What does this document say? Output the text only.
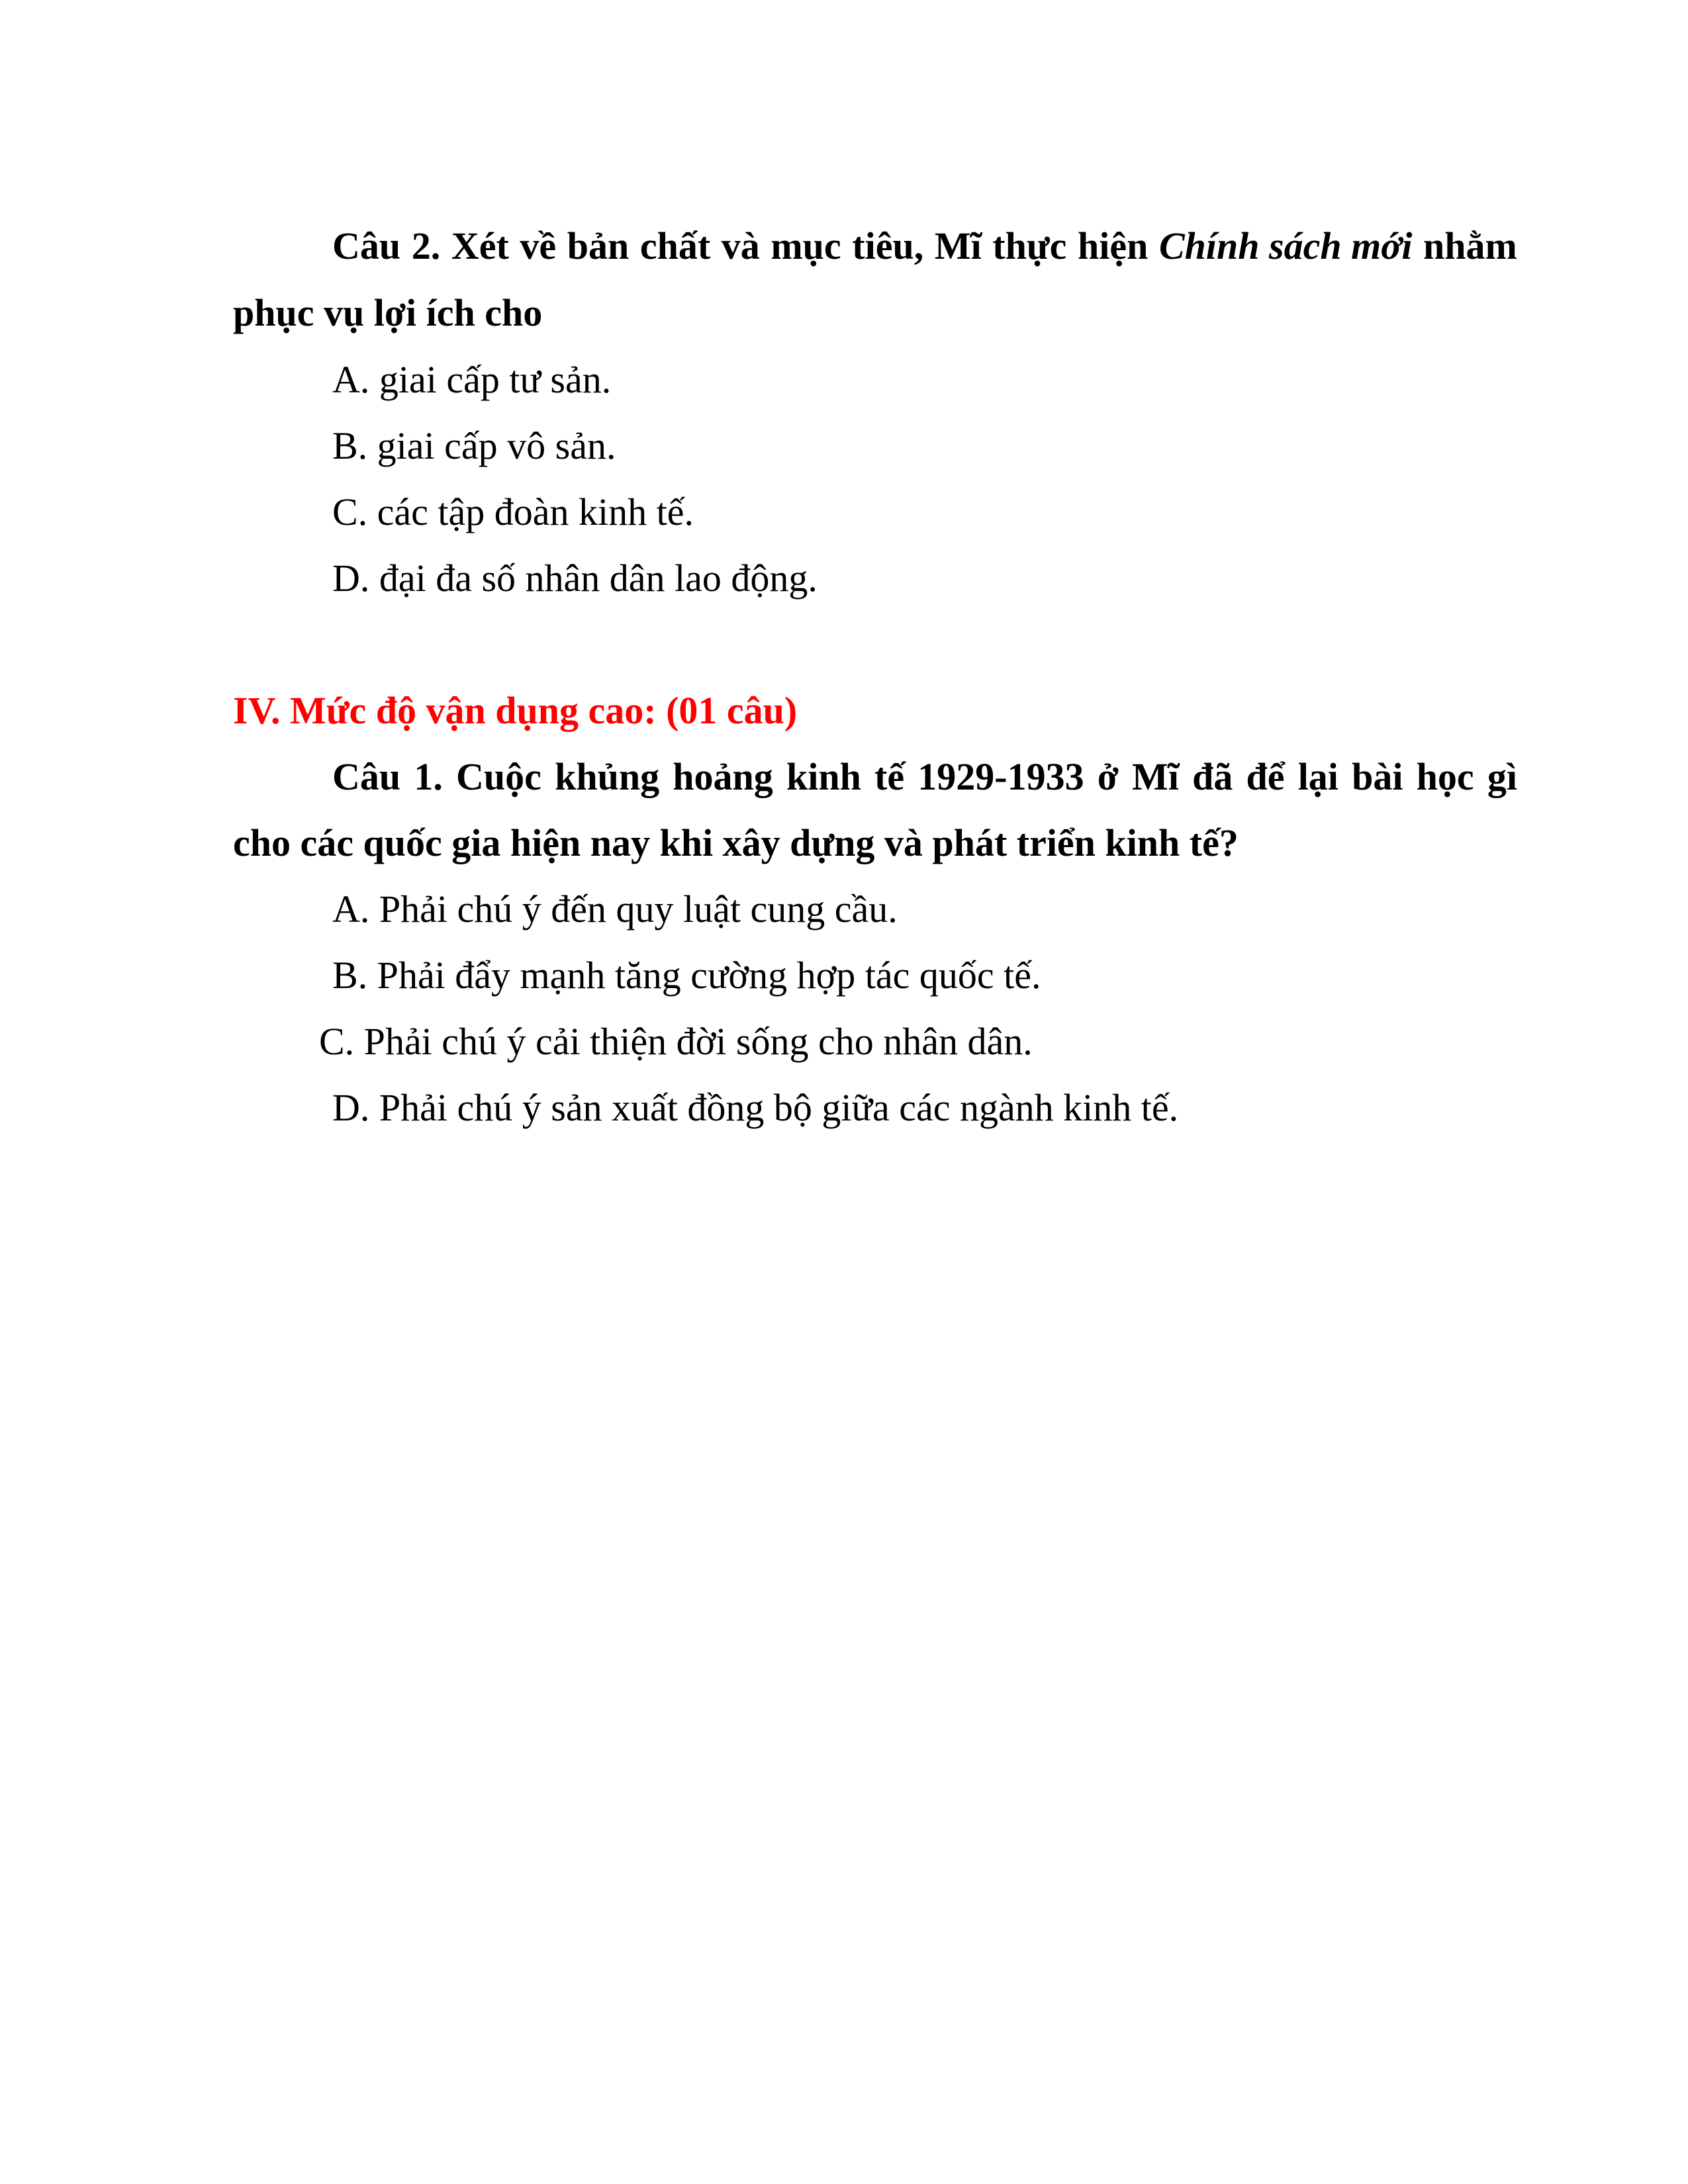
Câu 2. Xét về bản chất và mục tiêu, Mĩ thực hiện Chính sách mới nhằm
phục vụ lợi ích cho
A. giai cấp tư sản.
B. giai cấp vô sản.
C. các tập đoàn kinh tế.
D. đại đa số nhân dân lao động.
IV. Mức độ vận dụng cao: (01 câu)
Câu 1. Cuộc khủng hoảng kinh tế 1929-1933 ở Mĩ đã để lại bài học gì
cho các quốc gia hiện nay khi xây dựng và phát triển kinh tế?
A. Phải chú ý đến quy luật cung cầu.
B. Phải đẩy mạnh tăng cường hợp tác quốc tế.
C. Phải chú ý cải thiện đời sống cho nhân dân.
D. Phải chú ý sản xuất đồng bộ giữa các ngành kinh tế.
